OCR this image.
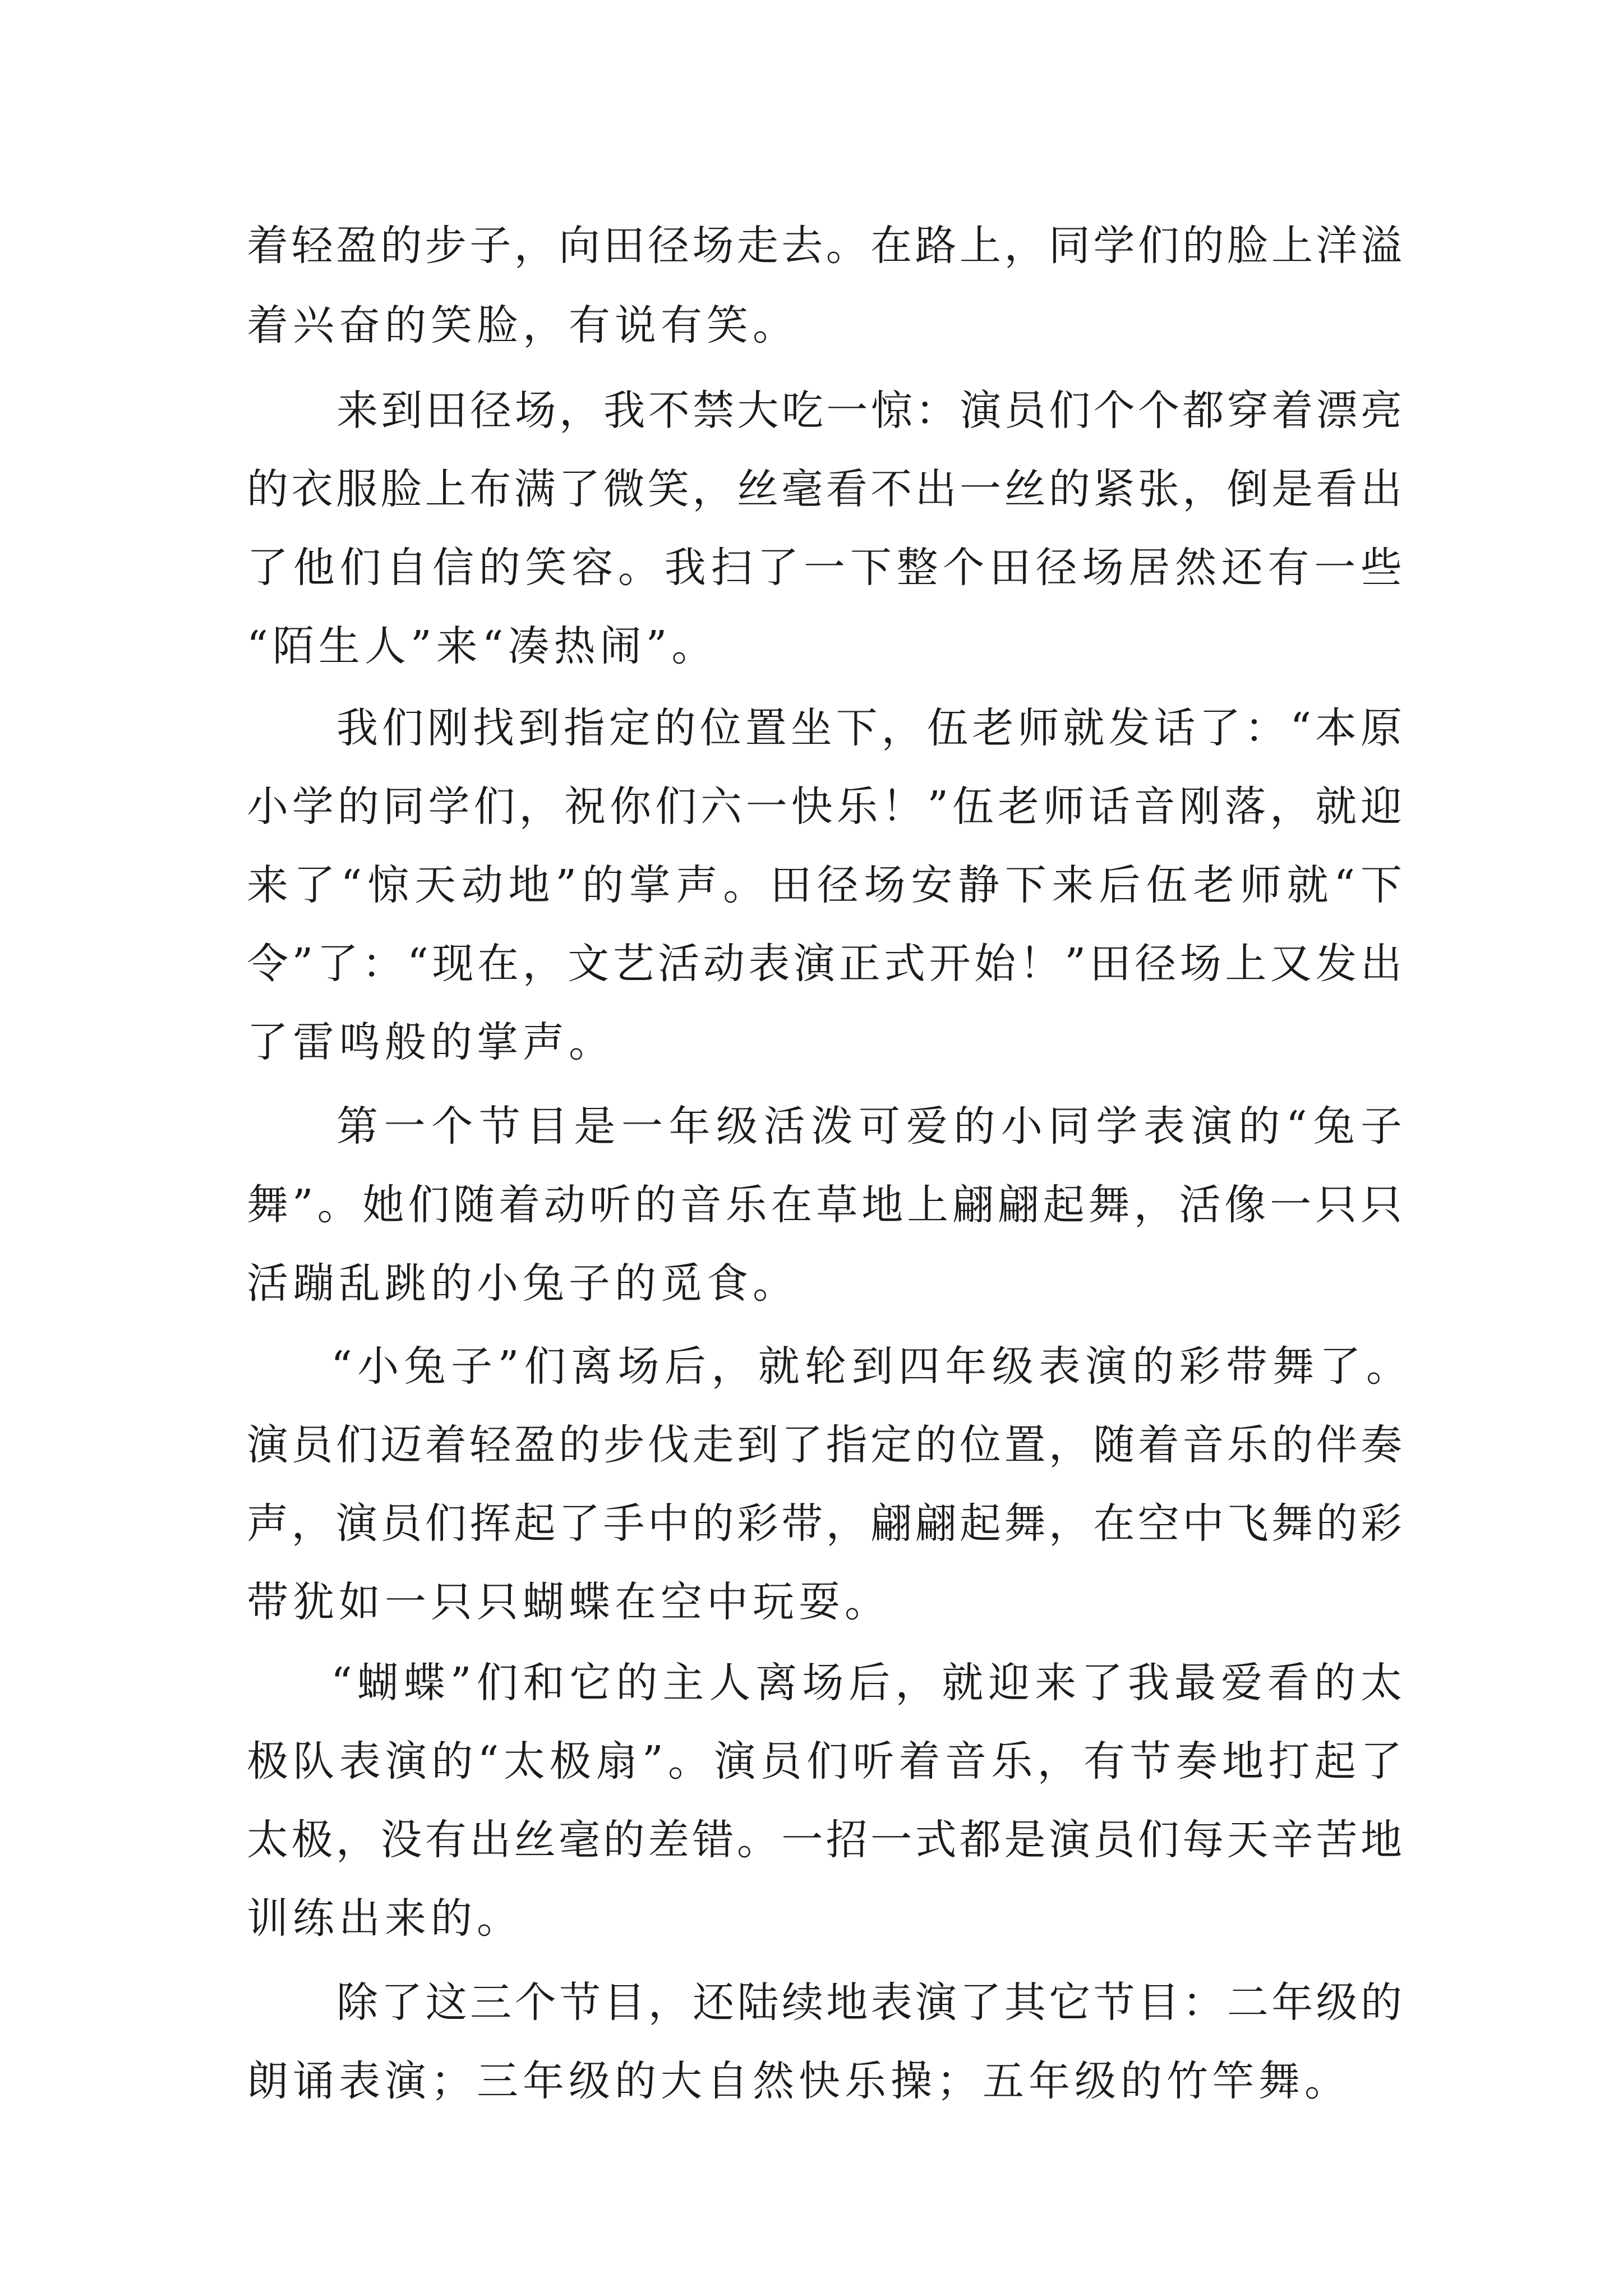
着轻盈的步子，向田径场走去。在路上，同学们的脸上洋溢
着兴奋的笑脸，有说有笑。
来到田径场，我不禁大吃一惊：演员们个个都穿着漂亮
的衣服脸上布满了微笑，丝毫看不出一丝的紧张，倒是看出
了他们自信的笑容。我扫了一下整个田径场居然还有一些
“陌生人”来“凑热闹”。
我们刚找到指定的位置坐下，伍老师就发话了：“本原
小学的同学们，祝你们六一快乐！”伍老师话音刚落，就迎
来了“惊天动地”的掌声。田径场安静下来后伍老师就“下
令”了：“现在，文艺活动表演正式开始！”田径场上又发出
了雷鸣般的掌声。
第一个节目是一年级活泼可爱的小同学表演的“兔子
舞”。她们随着动听的音乐在草地上翩翩起舞，活像一只只
活蹦乱跳的小兔子的觅食。
“小兔子”们离场后，就轮到四年级表演的彩带舞了。
演员们迈着轻盈的步伐走到了指定的位置，随着音乐的伴奏
声，演员们挥起了手中的彩带，翩翩起舞，在空中飞舞的彩
带犹如一只只蝴蝶在空中玩耍。
“蝴蝶”们和它的主人离场后，就迎来了我最爱看的太
极队表演的“太极扇”。演员们听着音乐，有节奏地打起了
太极，没有出丝毫的差错。一招一式都是演员们每天辛苦地
训练出来的。
除了这三个节目，还陆续地表演了其它节目：二年级的
朗诵表演；三年级的大自然快乐操；五年级的竹竿舞。
